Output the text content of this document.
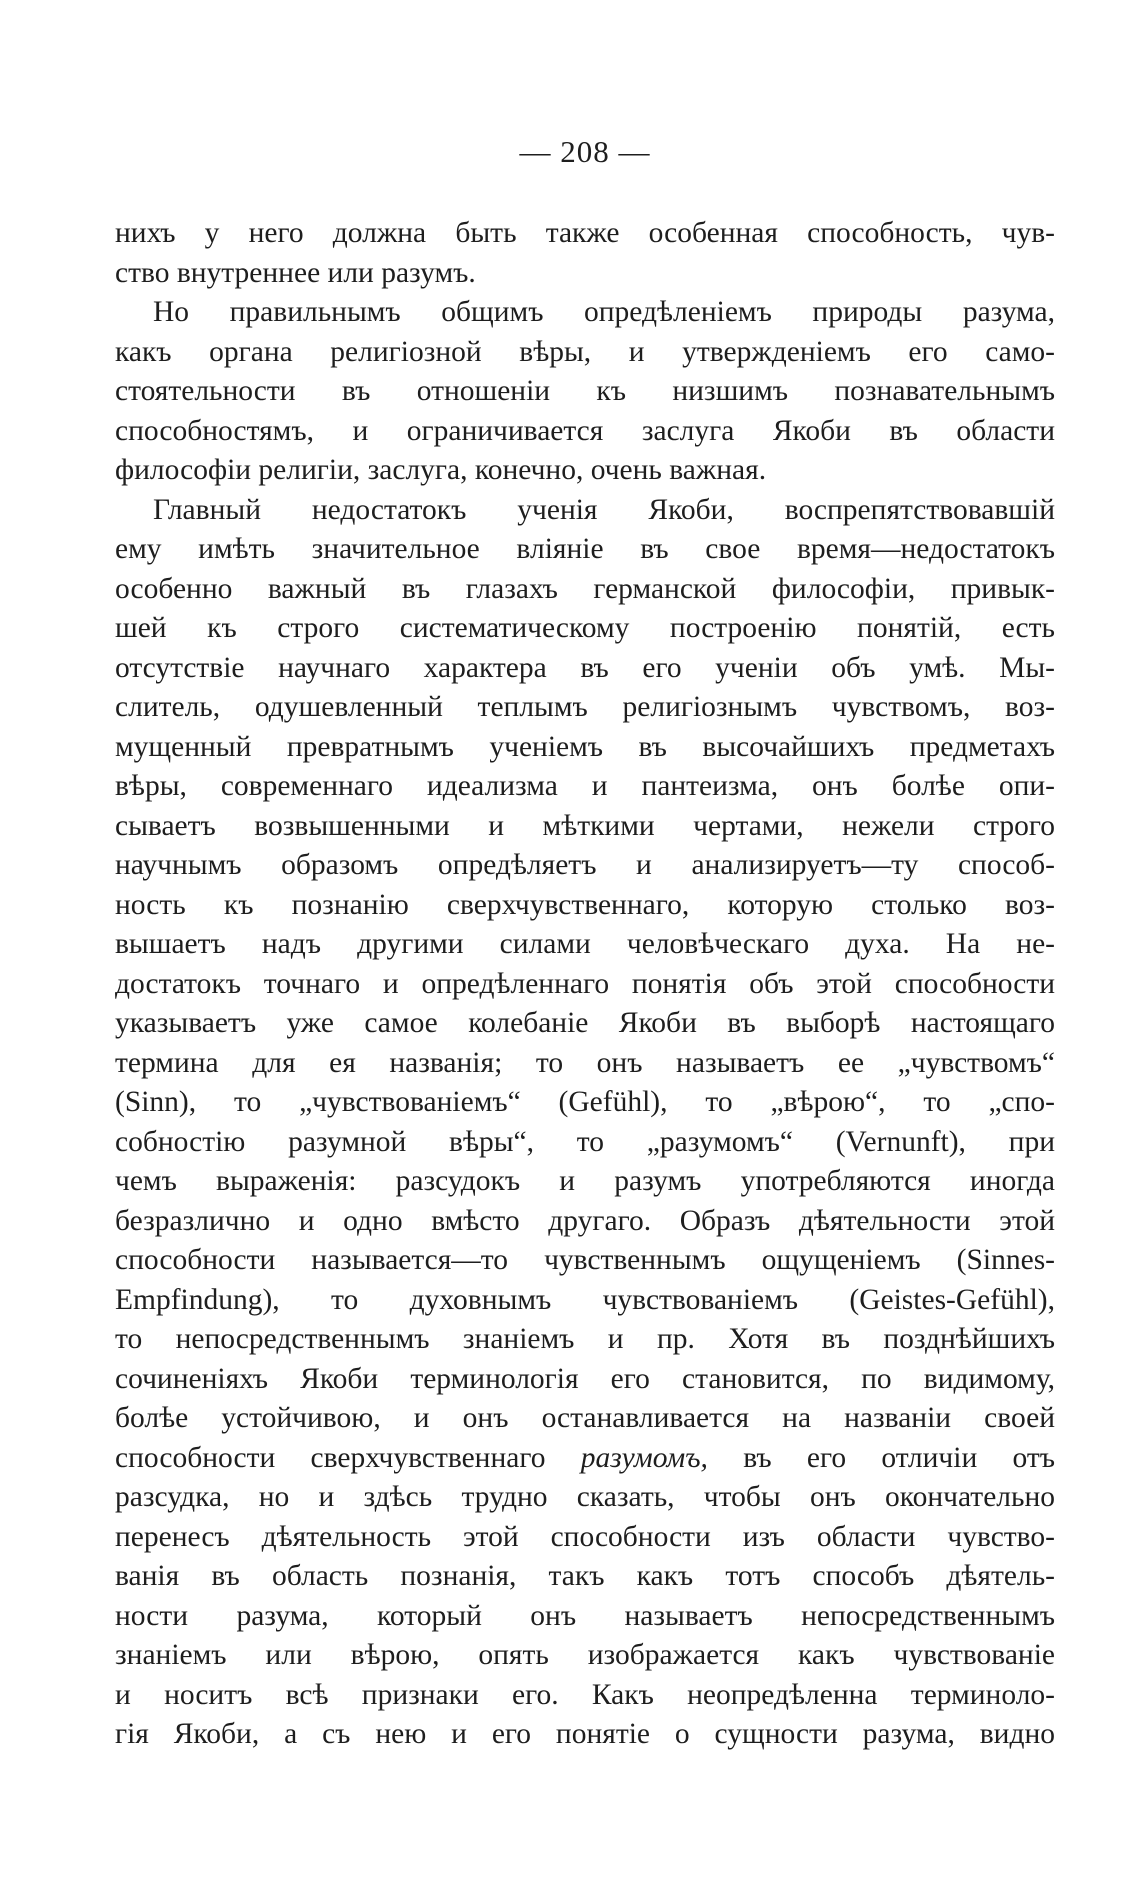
— 208 —
нихъ у него должна быть также особенная способность, чув-
ство внутреннее или разумъ.
Но правильнымъ общимъ опредѣленіемъ природы разума,
какъ органа религіозной вѣры, и утвержденіемъ его само-
стоятельности въ отношеніи къ низшимъ познавательнымъ
способностямъ, и ограничивается заслуга Якоби въ области
философіи религіи, заслуга, конечно, очень важная.
Главный недостатокъ ученія Якоби, воспрепятствовавшій
ему имѣть значительное вліяніе въ свое время—недостатокъ
особенно важный въ глазахъ германской философіи, привык-
шей къ строго систематическому построенію понятій, есть
отсутствіе научнаго характера въ его ученіи объ умѣ. Мы-
слитель, одушевленный теплымъ религіознымъ чувствомъ, воз-
мущенный превратнымъ ученіемъ въ высочайшихъ предметахъ
вѣры, современнаго идеализма и пантеизма, онъ болѣе опи-
сываетъ возвышенными и мѣткими чертами, нежели строго
научнымъ образомъ опредѣляетъ и анализируетъ—ту способ-
ность къ познанію сверхчувственнаго, которую столько воз-
вышаетъ надъ другими силами человѣческаго духа. На не-
достатокъ точнаго и опредѣленнаго понятія объ этой способности
указываетъ уже самое колебаніе Якоби въ выборѣ настоящаго
термина для ея названія; то онъ называетъ ее „чувствомъ“
(Sinn), то „чувствованіемъ“ (Gefühl), то „вѣрою“, то „спо-
собностію разумной вѣры“, то „разумомъ“ (Vernunft), при
чемъ выраженія: разсудокъ и разумъ употребляются иногда
безразлично и одно вмѣсто другаго. Образъ дѣятельности этой
способности называется—то чувственнымъ ощущеніемъ (Sinnes-
Empfindung), то духовнымъ чувствованіемъ (Geistes-Gefühl),
то непосредственнымъ знаніемъ и пр. Хотя въ позднѣйшихъ
сочиненіяхъ Якоби терминологія его становится, по видимому,
болѣе устойчивою, и онъ останавливается на названіи своей
способности сверхчувственнаго разумомъ, въ его отличіи отъ
разсудка, но и здѣсь трудно сказать, чтобы онъ окончательно
перенесъ дѣятельность этой способности изъ области чувство-
ванія въ область познанія, такъ какъ тотъ способъ дѣятель-
ности разума, который онъ называетъ непосредственнымъ
знаніемъ или вѣрою, опять изображается какъ чувствованіе
и носитъ всѣ признаки его. Какъ неопредѣленна терминоло-
гія Якоби, а съ нею и его понятіе о сущности разума, видно
